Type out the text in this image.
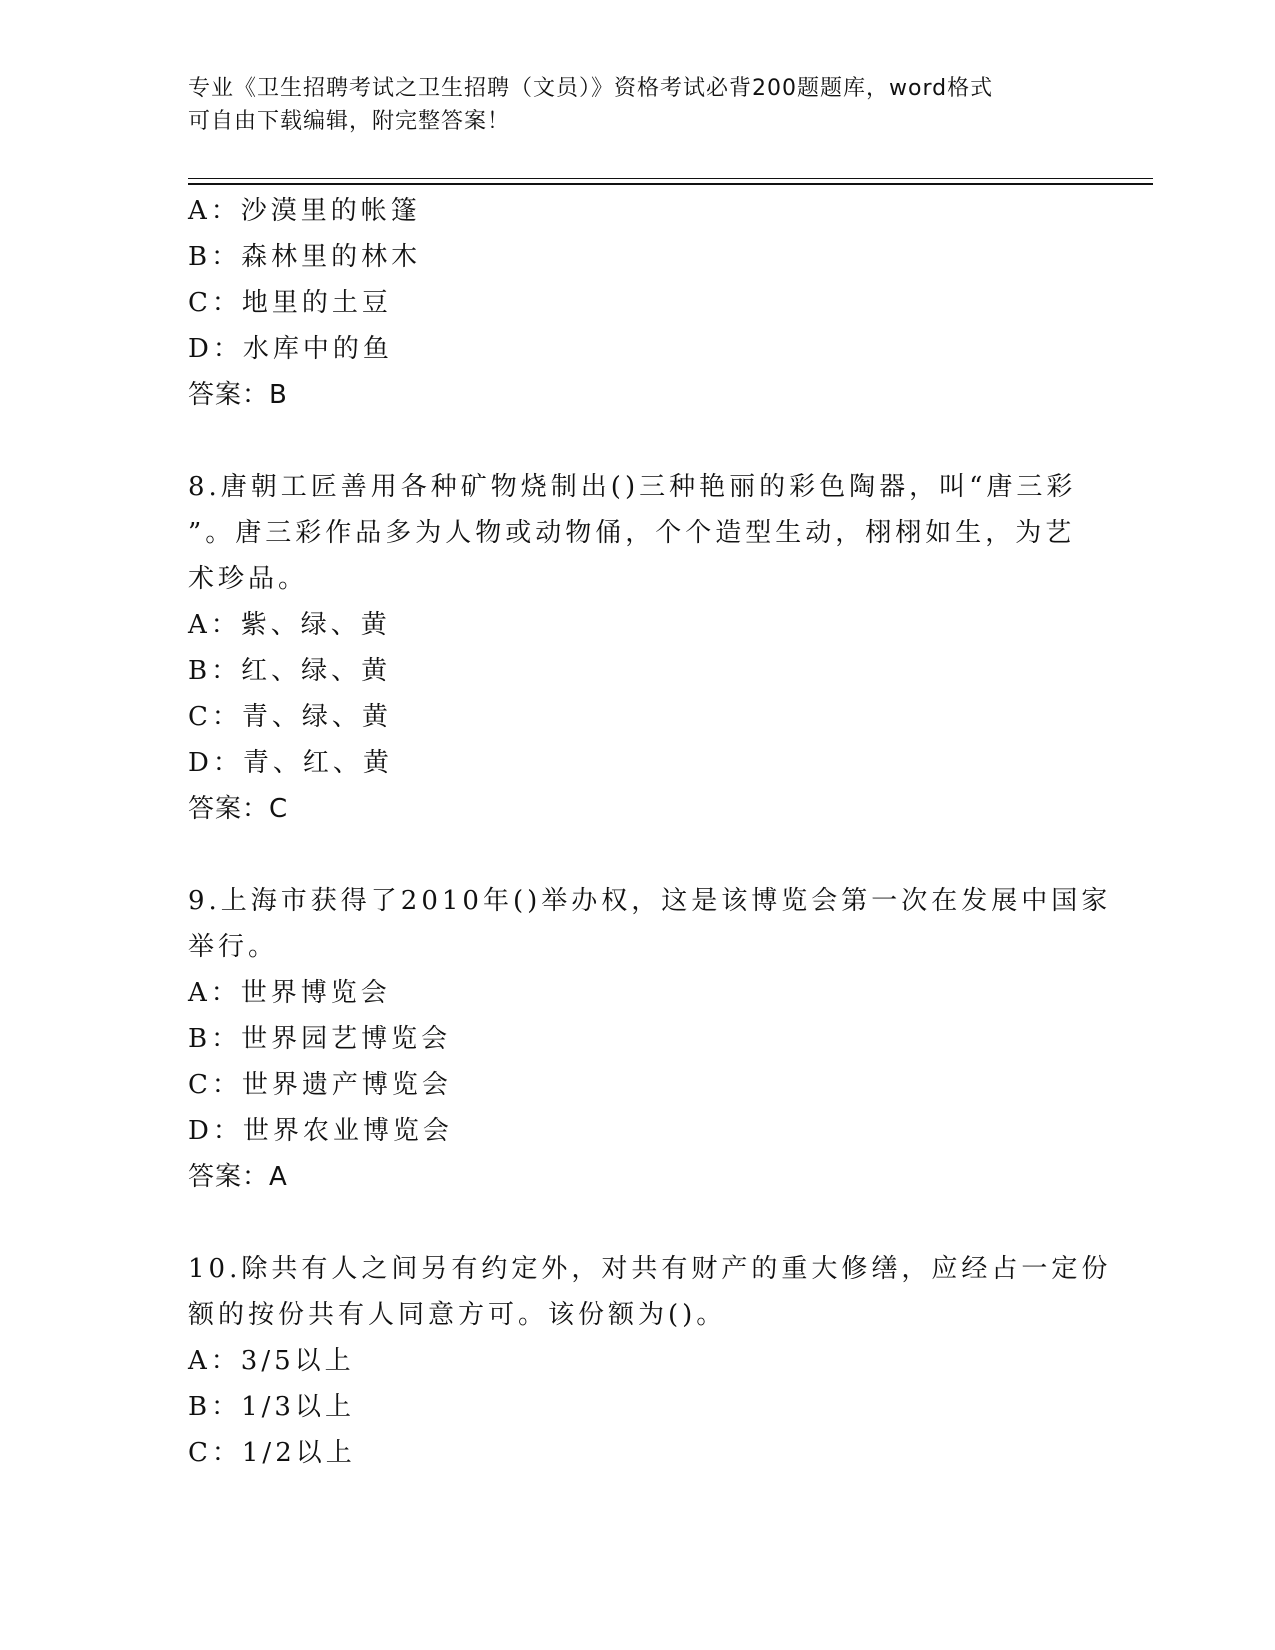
专业《卫生招聘考试之卫生招聘（文员）》资格考试必背200题题库，word格式
可自由下载编辑，附完整答案！
A：沙漠里的帐篷
B：森林里的林木
C：地里的土豆
D：水库中的鱼
答案：B
8.唐朝工匠善用各种矿物烧制出()三种艳丽的彩色陶器，叫“唐三彩
”。唐三彩作品多为人物或动物俑，个个造型生动，栩栩如生，为艺
术珍品。
A：紫、绿、黄
B：红、绿、黄
C：青、绿、黄
D：青、红、黄
答案：C
9.上海市获得了2010年()举办权，这是该博览会第一次在发展中国家
举行。
A：世界博览会
B：世界园艺博览会
C：世界遗产博览会
D：世界农业博览会
答案：A
10.除共有人之间另有约定外，对共有财产的重大修缮，应经占一定份
额的按份共有人同意方可。该份额为()。
A：3/5以上
B：1/3以上
C：1/2以上
